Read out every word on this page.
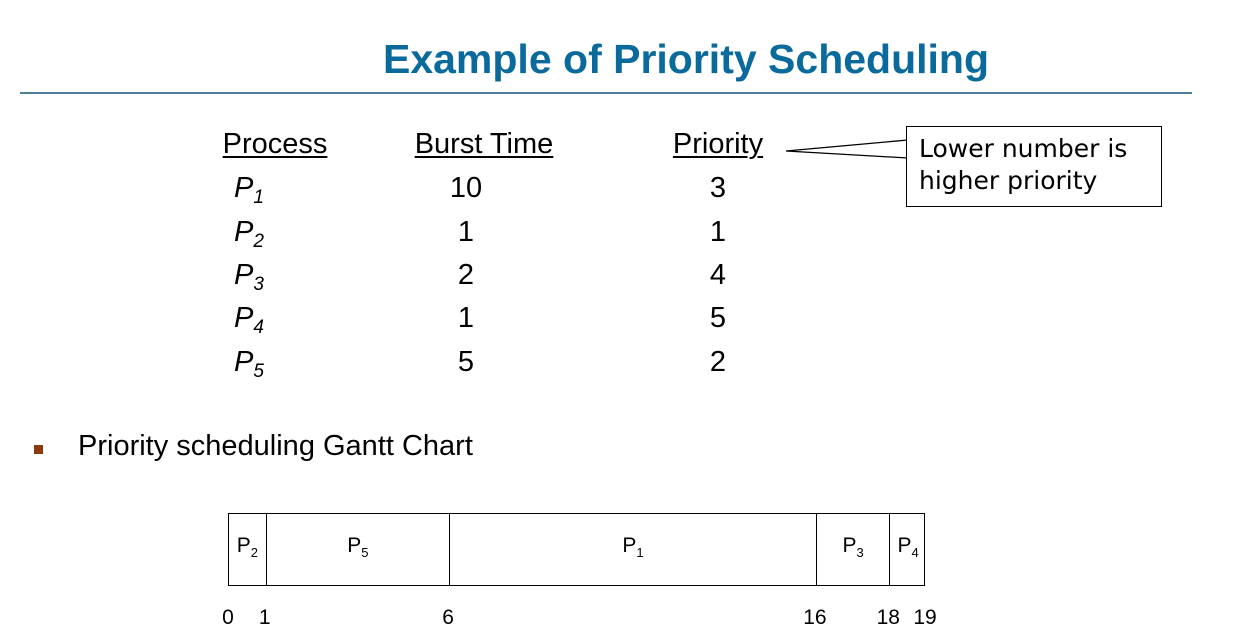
Example of Priority Scheduling
Process	Burst Time	Priority
$P_1$	10	3
$P_2$	1	1
$P_3$	2	4
$P_4$	1	5
$P_5$	5	2
Lower number is
higher priority
Priority scheduling Gantt Chart
$P_2$	$P_5$	$P_1$	$P_3$ $P_4$
0 1	6	16 18 19
